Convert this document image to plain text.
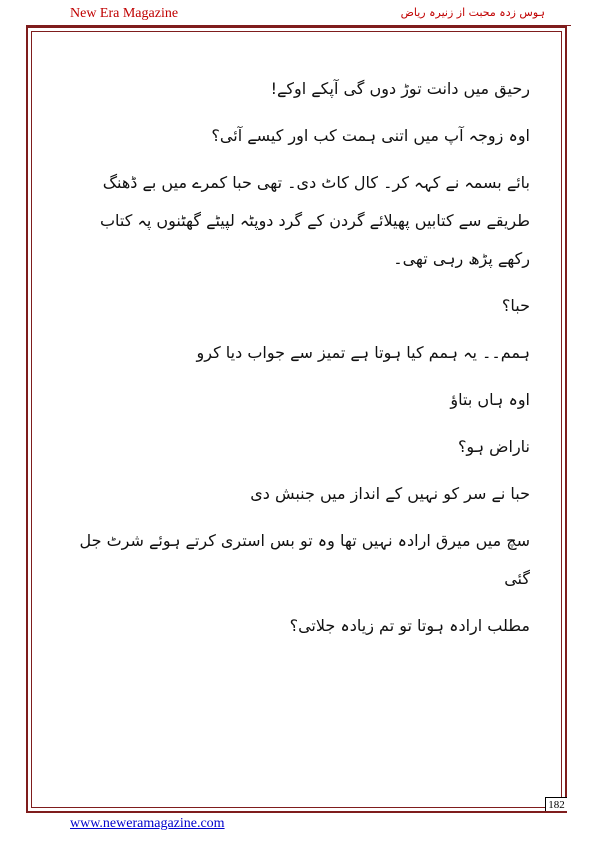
New Era Magazine	ہوس زدہ محبت از زنیرہ ریاض

رحیق میں دانت توڑ دوں گی آپکے اوکے!

اوہ زوجہ آپ میں اتنی ہمت کب اور کیسے آئی؟

بائے بسمہ نے کہہ کر۔ کال کاٹ دی۔ تھی حبا کمرے میں بے ڈھنگ طریقے سے کتابیں پھیلائے گردن کے گرد دوپٹہ لپیٹے گھٹنوں پہ کتاب رکھے پڑھ رہی تھی۔

حبا؟

ہمم۔۔ یہ ہمم کیا ہوتا ہے تمیز سے جواب دیا کرو

اوہ ہاں بتاؤ

ناراض ہو؟

حبا نے سر کو نہیں کے انداز میں جنبش دی

سچ میں میرق ارادہ نہیں تھا وہ تو بس استری کرتے ہوئے شرٹ جل گئی

مطلب ارادہ ہوتا تو تم زیادہ جلاتی؟

182
www.neweramagazine.com
